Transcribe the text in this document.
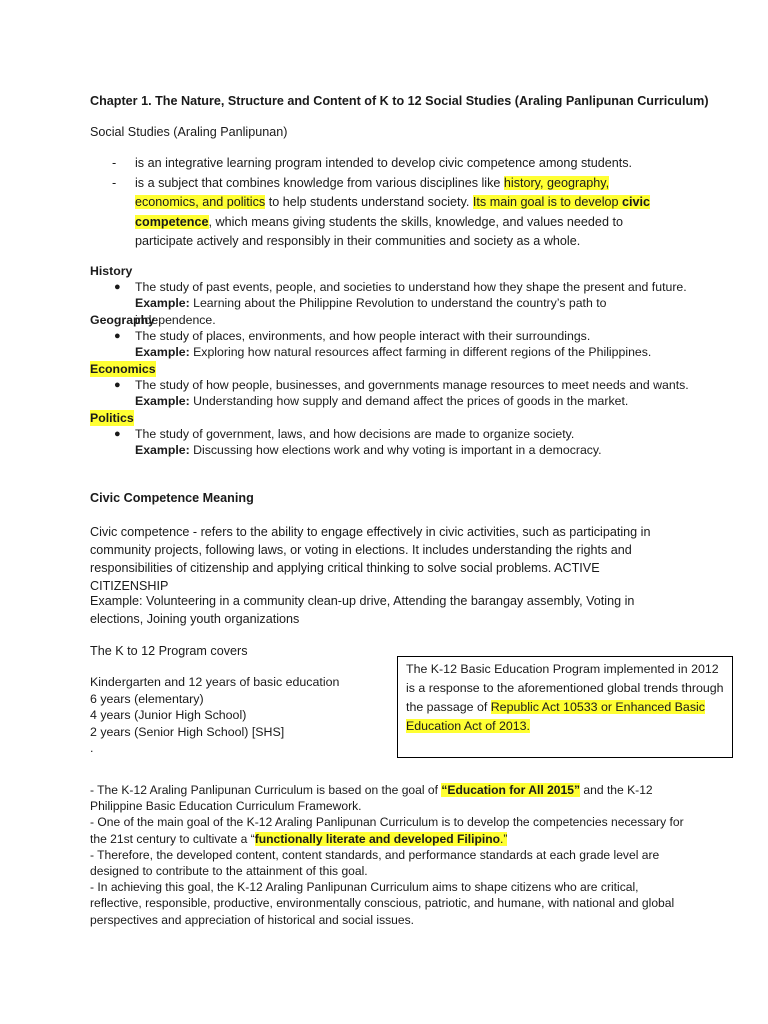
Chapter 1. The Nature, Structure and Content of K to 12 Social Studies (Araling Panlipunan Curriculum)
Social Studies (Araling Panlipunan)
- is an integrative learning program intended to develop civic competence among students.
- is a subject that combines knowledge from various disciplines like history, geography, economics, and politics to help students understand society. Its main goal is to develop civic competence, which means giving students the skills, knowledge, and values needed to participate actively and responsibly in their communities and society as a whole.
History
● The study of past events, people, and societies to understand how they shape the present and future.
Example: Learning about the Philippine Revolution to understand the country’s path to independence.
Geography
● The study of places, environments, and how people interact with their surroundings.
Example: Exploring how natural resources affect farming in different regions of the Philippines.
Economics
● The study of how people, businesses, and governments manage resources to meet needs and wants.
Example: Understanding how supply and demand affect the prices of goods in the market.
Politics
● The study of government, laws, and how decisions are made to organize society.
Example: Discussing how elections work and why voting is important in a democracy.
Civic Competence Meaning
Civic competence - refers to the ability to engage effectively in civic activities, such as participating in community projects, following laws, or voting in elections. It includes understanding the rights and responsibilities of citizenship and applying critical thinking to solve social problems. ACTIVE CITIZENSHIP
Example: Volunteering in a community clean-up drive, Attending the barangay assembly, Voting in elections, Joining youth organizations
The K to 12 Program covers
Kindergarten and 12 years of basic education
6 years (elementary)
4 years (Junior High School)
2 years (Senior High School) [SHS]
.
The K-12 Basic Education Program implemented in 2012 is a response to the aforementioned global trends through the passage of Republic Act 10533 or Enhanced Basic Education Act of 2013.
- The K-12 Araling Panlipunan Curriculum is based on the goal of “Education for All 2015” and the K-12 Philippine Basic Education Curriculum Framework.
- One of the main goal of the K-12 Araling Panlipunan Curriculum is to develop the competencies necessary for the 21st century to cultivate a “functionally literate and developed Filipino.”
- Therefore, the developed content, content standards, and performance standards at each grade level are designed to contribute to the attainment of this goal.
- In achieving this goal, the K-12 Araling Panlipunan Curriculum aims to shape citizens who are critical, reflective, responsible, productive, environmentally conscious, patriotic, and humane, with national and global perspectives and appreciation of historical and social issues.
